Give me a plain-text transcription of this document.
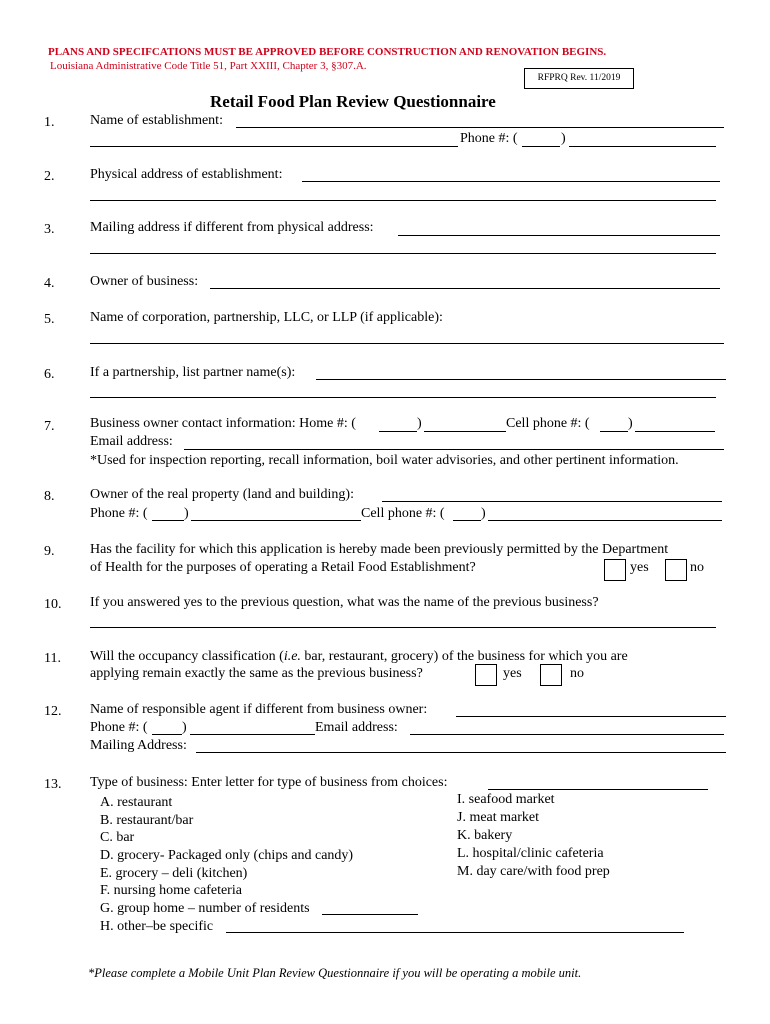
PLANS AND SPECIFCATIONS MUST BE APPROVED BEFORE CONSTRUCTION AND RENOVATION BEGINS.
Louisiana Administrative Code Title 51, Part XXIII, Chapter 3, §307.A.
RFPRQ Rev. 11/2019
Retail Food Plan Review Questionnaire
1.	Name of establishment:
Phone #: (	)
2.	Physical address of establishment:
3.	Mailing address if different from physical address:
4.	Owner of business:
5.	Name of corporation, partnership, LLC, or LLP (if applicable):
6.	If a partnership, list partner name(s):
7.	Business owner contact information: Home #: (	)	Cell phone #: (	)
Email address:
*Used for inspection reporting, recall information, boil water advisories, and other pertinent information.
8.	Owner of the real property (land and building):
Phone #: (	)	Cell phone #: (	)
9.	Has the facility for which this application is hereby made been previously permitted by the Department
of Health for the purposes of operating a Retail Food Establishment?	yes	no
10. If you answered yes to the previous question, what was the name of the previous business?
11. Will the occupancy classification (i.e. bar, restaurant, grocery) of the business for which you are
applying remain exactly the same as the previous business?	yes	no
12. Name of responsible agent if different from business owner:
Phone #: ( )	Email address:
Mailing Address:
13. Type of business: Enter letter for type of business from choices:
A. restaurant
B. restaurant/bar
C. bar
D. grocery- Packaged only (chips and candy)
E. grocery – deli (kitchen)
F. nursing home cafeteria
G. group home – number of residents
H. other–be specific
I. seafood market
J. meat market
K. bakery
L. hospital/clinic cafeteria
M. day care/with food prep
*Please complete a Mobile Unit Plan Review Questionnaire if you will be operating a mobile unit.
